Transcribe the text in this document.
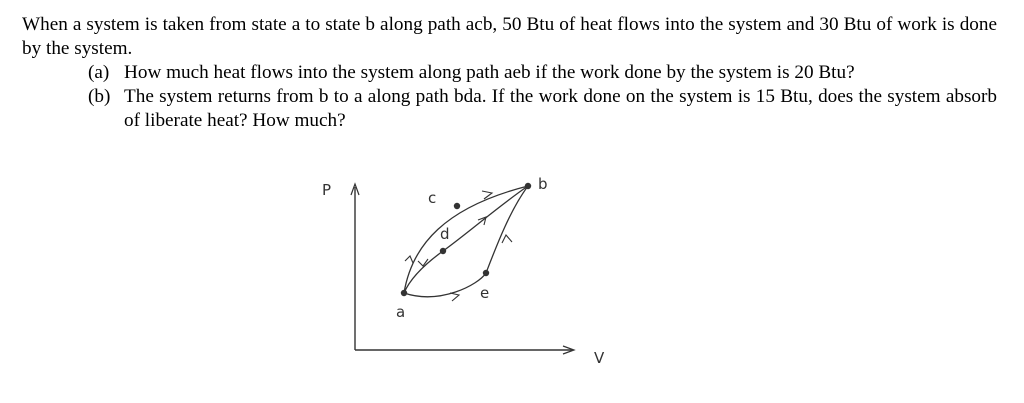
When a system is taken from state a to state b along path acb, 50 Btu of heat flows into the system and 30 Btu of work is done by the system.

(a) How much heat flows into the system along path aeb if the work done by the system is 20 Btu?
(b) The system returns from b to a along path bda. If the work done on the system is 15 Btu, does the system absorb of liberate heat? How much?
P
V
a
b
c
d
e
